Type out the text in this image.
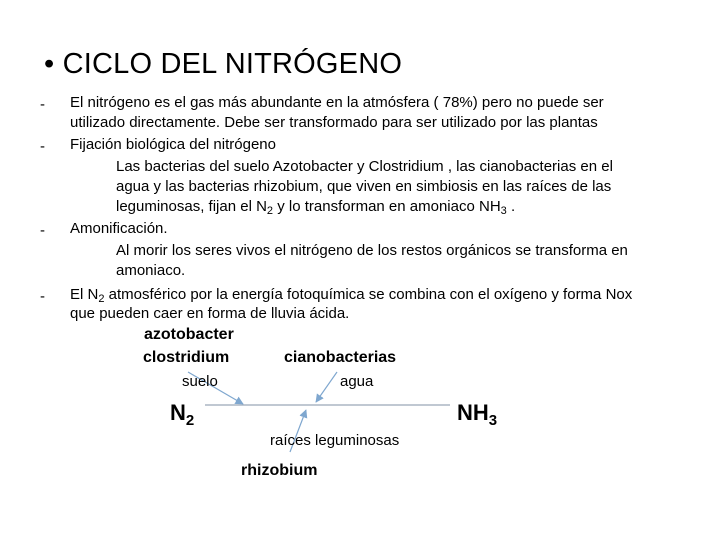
• CICLO DEL NITRÓGENO
- El nitrógeno es el gas más abundante en la atmósfera ( 78%) pero no puede ser
utilizado directamente. Debe ser transformado para ser utilizado por las plantas
- Fijación biológica del nitrógeno
Las bacterias del suelo Azotobacter y Clostridium , las cianobacterias en el
agua y las bacterias rhizobium, que viven en simbiosis en las raíces de las
leguminosas, fijan el $N_2$ y lo transforman en amoniaco $NH_3$ .
- Amonificación.
Al morir los seres vivos el nitrógeno de los restos orgánicos se transforma en
amoniaco.
- El $N_2$ atmosférico por la energía fotoquímica se combina con el oxígeno y forma Nox
que pueden caer en forma de lluvia ácida.
azotobacter
clostridium	cianobacterias
suelo	agua
$N_2$	$NH_3$
raíces leguminosas
rhizobium
